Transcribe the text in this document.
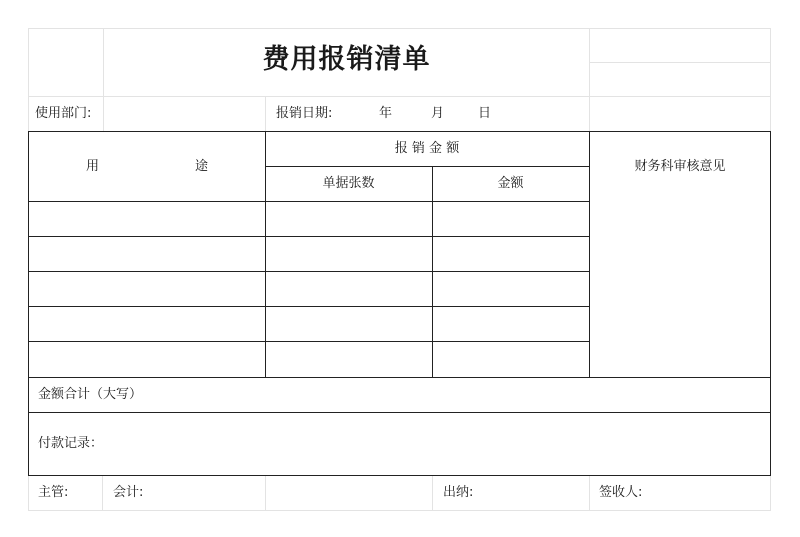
费用报销清单
使用部门:	报销日期:	年	月	日
用	途
报 销 金 额
单据张数	金额
财务科审核意见
金额合计（大写）
付款记录：
主管:	会计:	出纳:	签收人:
